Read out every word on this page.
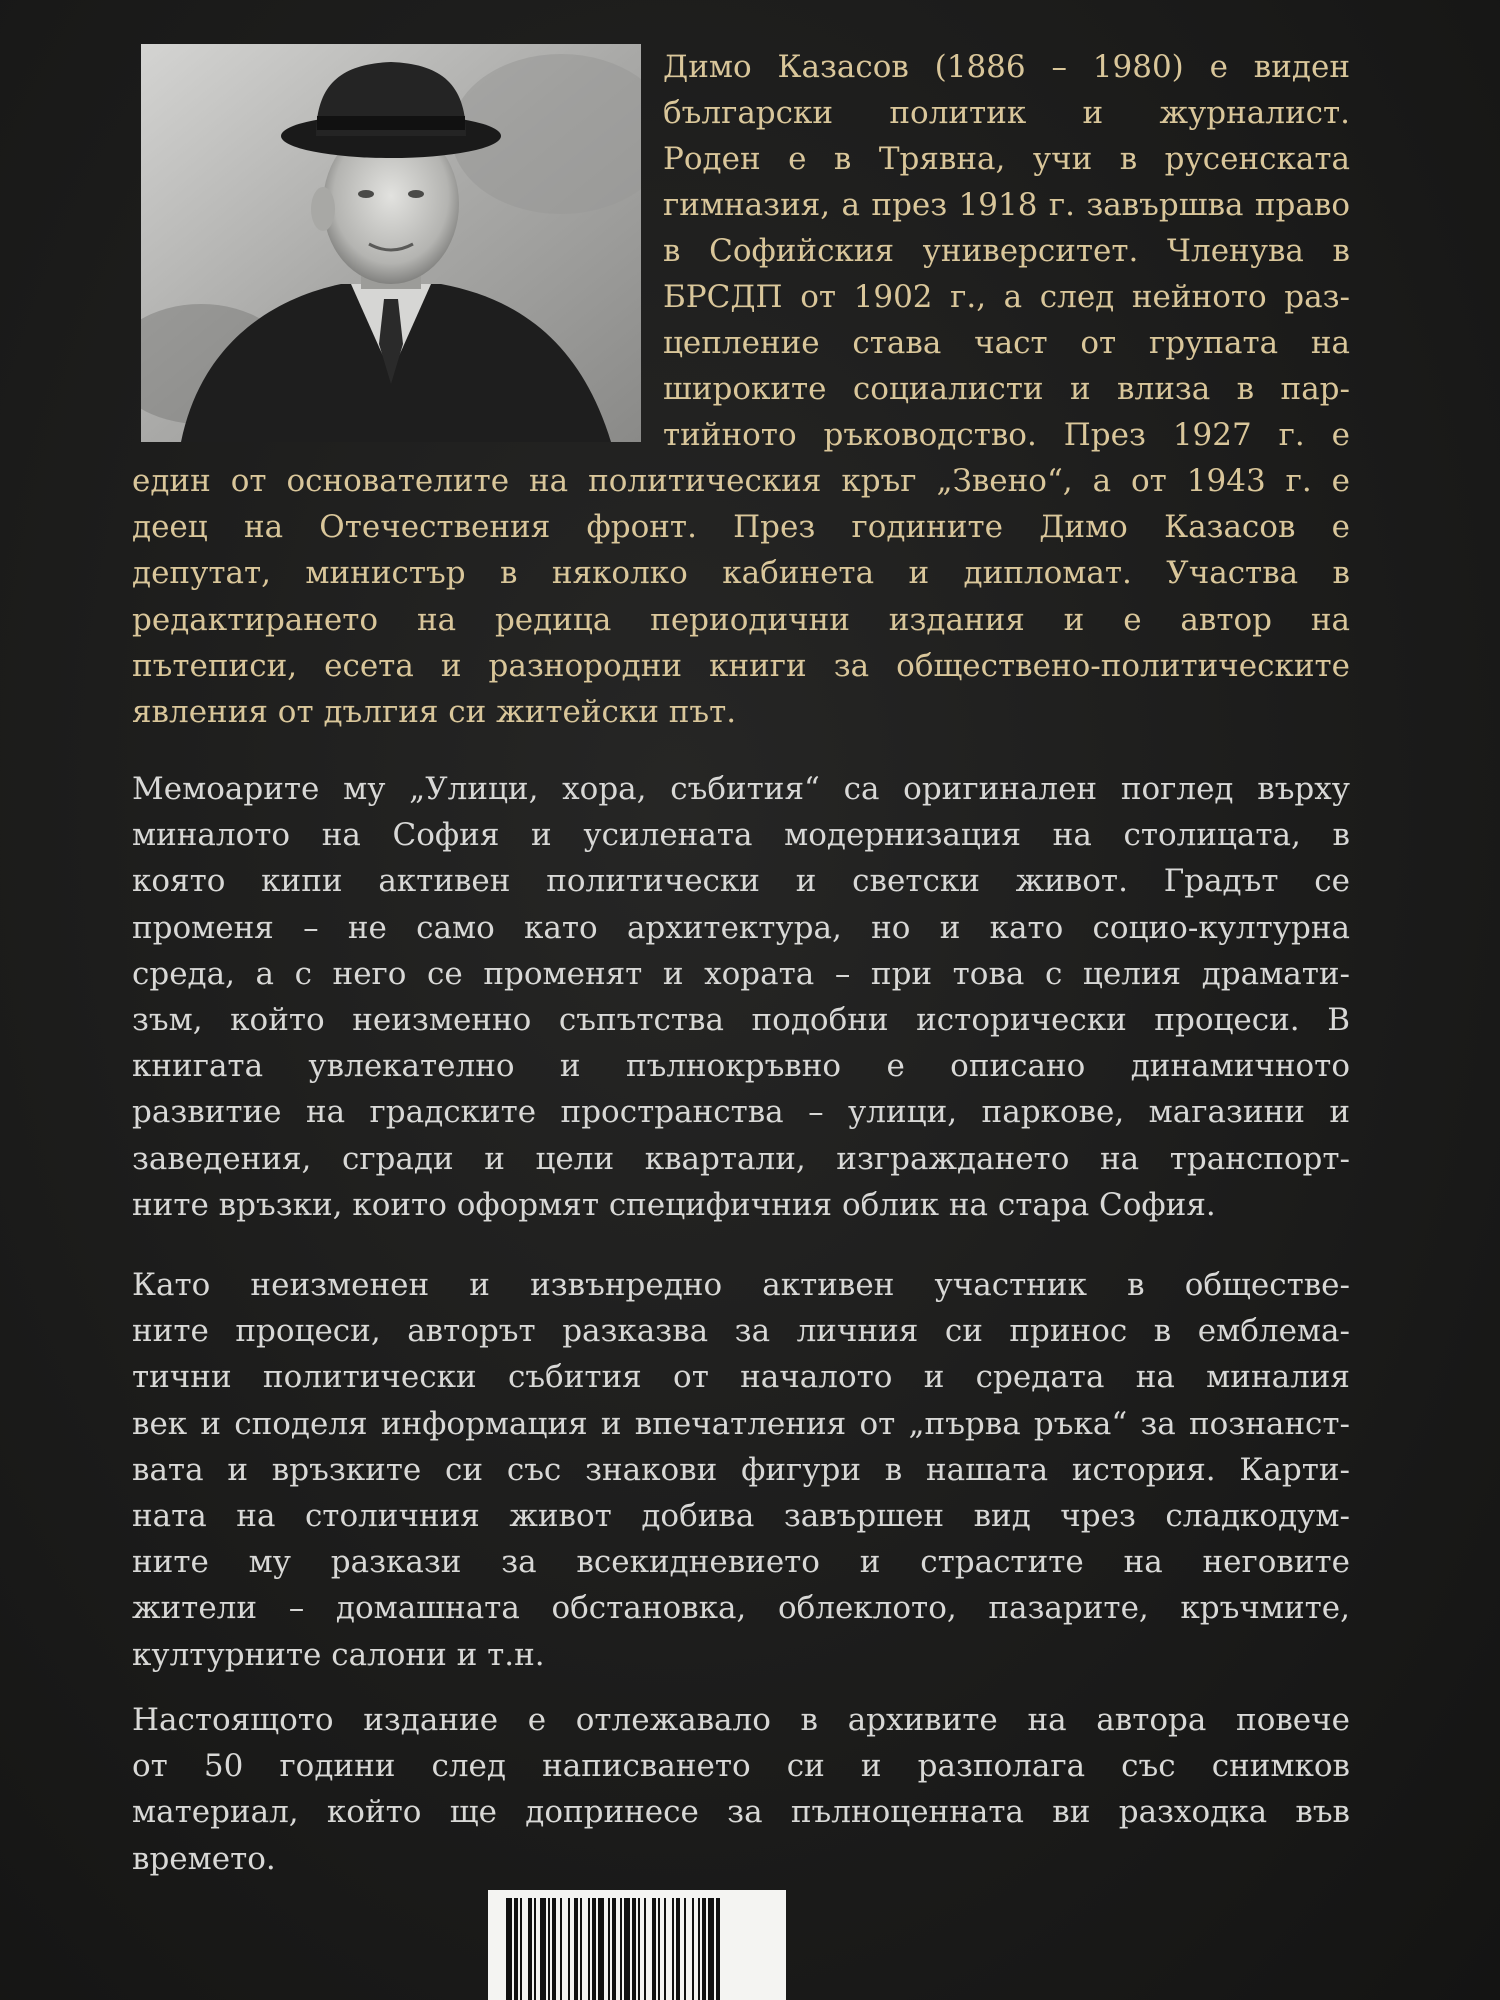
Димо Казасов (1886 – 1980) е виден
български политик и журналист.
Роден е в Трявна, учи в русенската
гимназия, а през 1918 г. завършва право
в Софийския университет. Членува в
БРСДП от 1902 г., а след нейното раз-
цепление става част от групата на
широките социалисти и влиза в пар-
тийното ръководство. През 1927 г. е
един от основателите на политическия кръг „Звено“, а от 1943 г. е
деец на Отечествения фронт. През годините Димо Казасов е
депутат, министър в няколко кабинета и дипломат. Участва в
редактирането на редица периодични издания и е автор на
пътеписи, есета и разнородни книги за обществено-политическите
явления от дългия си житейски път.
Мемоарите му „Улици, хора, събития“ са оригинален поглед върху
миналото на София и усилената модернизация на столицата, в
която кипи активен политически и светски живот. Градът се
променя – не само като архитектура, но и като социо-културна
среда, а с него се променят и хората – при това с целия драмати-
зъм, който неизменно съпътства подобни исторически процеси. В
книгата увлекателно и пълнокръвно е описано динамичното
развитие на градските пространства – улици, паркове, магазини и
заведения, сгради и цели квартали, изграждането на транспорт-
ните връзки, които оформят специфичния облик на стара София.
Като неизменен и извънредно активен участник в обществе-
ните процеси, авторът разказва за личния си принос в емблема-
тични политически събития от началото и средата на миналия
век и споделя информация и впечатления от „първа ръка“ за познанст-
вата и връзките си със знакови фигури в нашата история. Карти-
ната на столичния живот добива завършен вид чрез сладкодум-
ните му разкази за всекидневието и страстите на неговите
жители – домашната обстановка, облеклото, пазарите, кръчмите,
културните салони и т.н.
Настоящото издание е отлежавало в архивите на автора повече
от 50 години след написването си и разполага със снимков
материал, който ще допринесе за пълноценната ви разходка във
времето.
